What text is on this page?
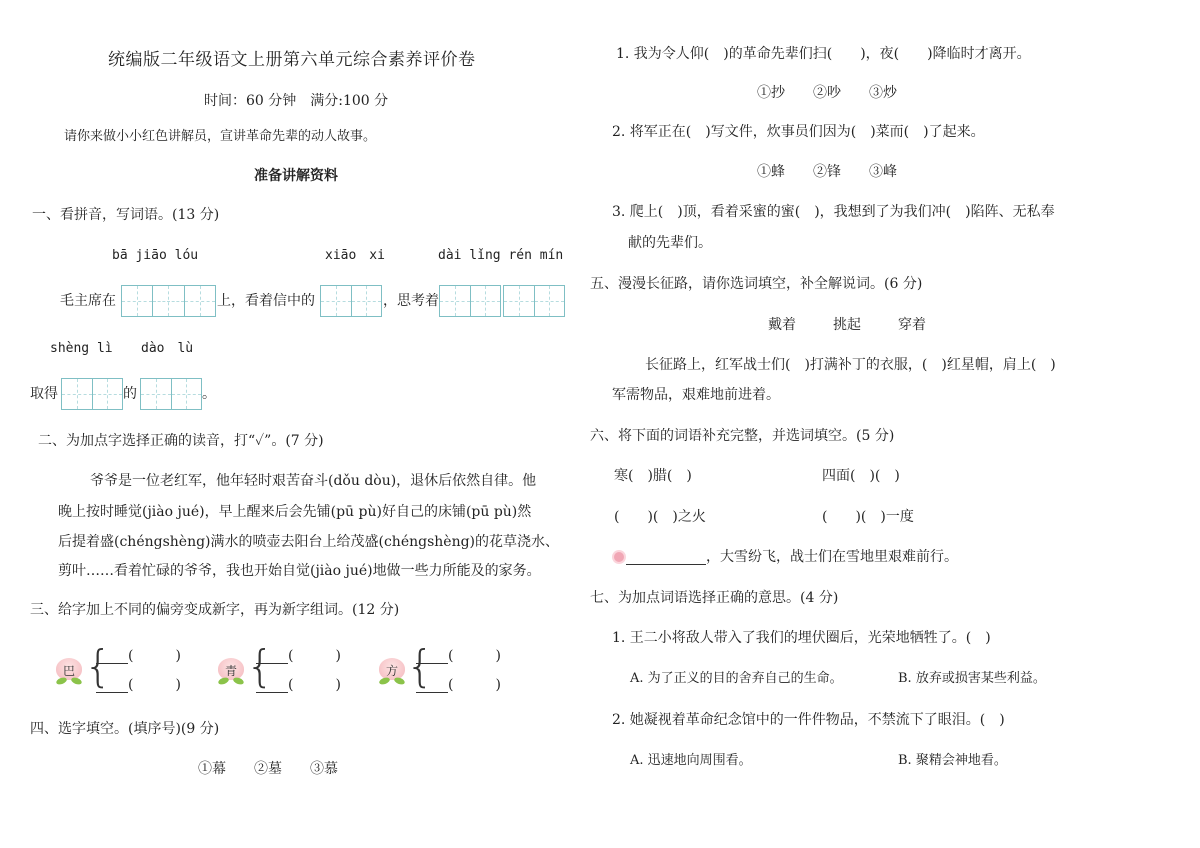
统编版二年级语文上册第六单元综合素养评价卷
时间：60 分钟　满分:100 分
请你来做小小红色讲解员，宣讲革命先辈的动人故事。
准备讲解资料
一、看拼音，写词语。(13 分)
bā jiāo lóu	xiāo　xi	dài lǐng rén mín
毛主席在	上，看着信中的	，思考着
shèng lì dào　lù
取得	的	。
二、为加点字选择正确的读音，打“✓”。(7 分)
爷爷是一位老红军，他年轻时艰苦奋斗(dǒu dòu)，退休后依然自律。他
晚上按时睡觉(jiào jué)，早上醒来后会先铺(pū pù)好自己的床铺(pū pù)然
后提着盛(chéngshèng)满水的喷壶去阳台上给茂盛(chéngshèng)的花草浇水、
剪叶……看着忙碌的爷爷，我也开始自觉(jiào jué)地做一些力所能及的家务。
三、给字加上不同的偏旁变成新字，再为新字组词。(12 分)
巴 {	(　　　)
(　　　)
青 {	(　　　)
(　　　)
方 {	(　　　)
(　　　)
四、选字填空。(填序号)(9 分)
①幕　　②墓　　③慕
1. 我为令人仰(　)的革命先辈们扫(　　)，夜(　　)降临时才离开。
①抄　　②吵　　③炒
2. 将军正在(　)写文件，炊事员们因为(　)菜而(　)了起来。
①蜂　　②锋　　③峰
3. 爬上(　)顶，看着采蜜的蜜(　)，我想到了为我们冲(　)陷阵、无私奉
献的先辈们。
五、漫漫长征路，请你选词填空，补全解说词。(6 分)
戴着	挑起	穿着
长征路上，红军战士们(　)打满补丁的衣服，(　)红星帽，肩上(　)
军需物品，艰难地前进着。
六、将下面的词语补充完整，并选词填空。(5 分)
寒(　)腊(　)	四面(　)(　)
(　　)(　)之火	(　　)(　)一度
，大雪纷飞，战士们在雪地里艰难前行。
七、为加点词语选择正确的意思。(4 分)
1. 王二小将敌人带入了我们的埋伏圈后，光荣地牺牲了。(　)
A. 为了正义的目的舍弃自己的生命。	B. 放弃或损害某些利益。
2. 她凝视着革命纪念馆中的一件件物品，不禁流下了眼泪。(　)
A. 迅速地向周围看。	B. 聚精会神地看。
